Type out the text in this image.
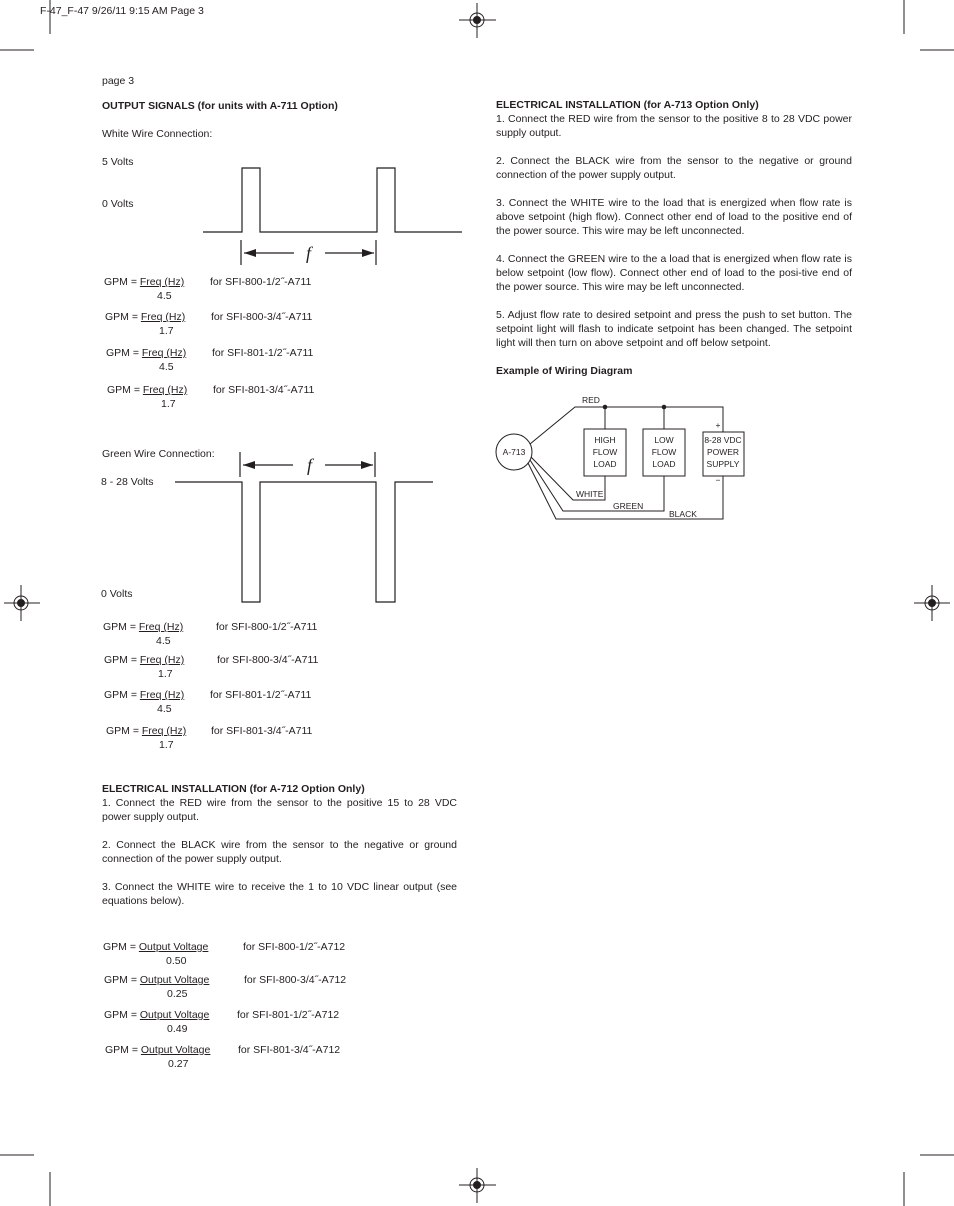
F-47_F-47 9/26/11 9:15 AM Page 3
page 3
OUTPUT SIGNALS (for units with A-711 Option)
White Wire Connection:
5 Volts
0 Volts
f
GPM = Freq (Hz) for SFI-800-1/2˝-A711
4.5
GPM = Freq (Hz) for SFI-800-3/4˝-A711
1.7
GPM = Freq (Hz) for SFI-801-1/2˝-A711
4.5
GPM = Freq (Hz) for SFI-801-3/4˝-A711
1.7
Green Wire Connection:
8 - 28 Volts
0 Volts
f
GPM = Freq (Hz)	for SFI-800-1/2˝-A711
4.5
GPM = Freq (Hz)	for SFI-800-3/4˝-A711
1.7
GPM = Freq (Hz) for SFI-801-1/2˝-A711
4.5
GPM = Freq (Hz) for SFI-801-3/4˝-A711
1.7
ELECTRICAL INSTALLATION (for A-712 Option Only)

1. Connect the RED wire from the sensor to the positive 15 to 28 VDC power supply output.

2. Connect the BLACK wire from the sensor to the negative or ground connection of the power supply output.

3. Connect the WHITE wire to receive the 1 to 10 VDC linear output (see equations below).

GPM = Output Voltage	for SFI-800-1/2˝-A712
0.50
GPM = Output Voltage	for SFI-800-3/4˝-A712
0.25
GPM = Output Voltage	for SFI-801-1/2˝-A712
0.49
GPM = Output Voltage	for SFI-801-3/4˝-A712
0.27
ELECTRICAL INSTALLATION (for A-713 Option Only)

1. Connect the RED wire from the sensor to the positive 8 to 28 VDC power supply output.

2. Connect the BLACK wire from the sensor to the negative or ground connection of the power supply output.

3. Connect the WHITE wire to the load that is energized when flow rate is above setpoint (high flow). Connect other end of load to the positive end of the power source. This wire may be left unconnected.

4. Connect the GREEN wire to the a load that is energized when flow rate is below setpoint (low flow). Connect other end of load to the posi-tive end of the power source. This wire may be left unconnected.

5. Adjust flow rate to desired setpoint and press the push to set button. The setpoint light will flash to indicate setpoint has been changed. The setpoint light will then turn on above setpoint and off below setpoint.

Example of Wiring Diagram
A-713
RED
WHITE
GREEN
BLACK
+
−
HIGH
FLOW
LOAD
LOW
FLOW
LOAD
8-28 VDC
POWER
SUPPLY
